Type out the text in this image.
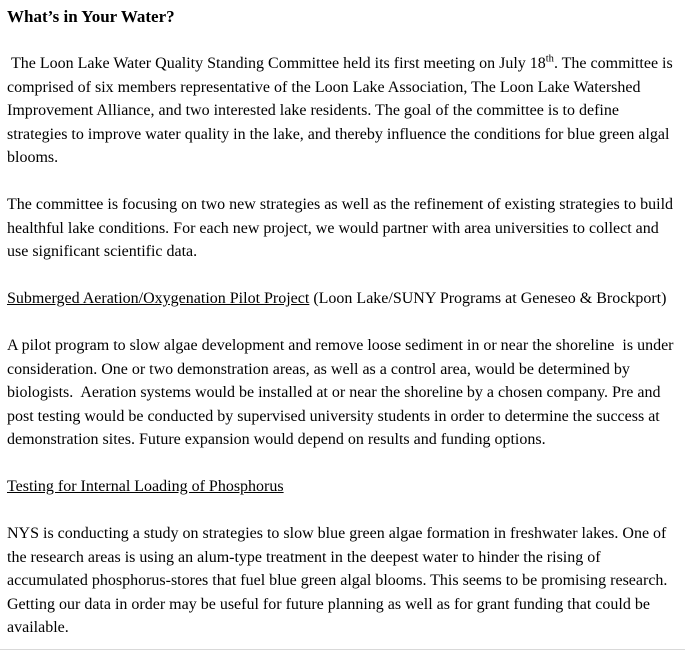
What’s in Your Water?

The Loon Lake Water Quality Standing Committee held its first meeting on July 18th. The committee is comprised of six members representative of the Loon Lake Association, The Loon Lake Watershed Improvement Alliance, and two interested lake residents. The goal of the committee is to define strategies to improve water quality in the lake, and thereby influence the conditions for blue green algal blooms.

The committee is focusing on two new strategies as well as the refinement of existing strategies to build healthful lake conditions. For each new project, we would partner with area universities to collect and use significant scientific data.

Submerged Aeration/Oxygenation Pilot Project (Loon Lake/SUNY Programs at Geneseo & Brockport)

A pilot program to slow algae development and remove loose sediment in or near the shoreline  is under consideration. One or two demonstration areas, as well as a control area, would be determined by biologists.  Aeration systems would be installed at or near the shoreline by a chosen company. Pre and post testing would be conducted by supervised university students in order to determine the success at demonstration sites. Future expansion would depend on results and funding options.

Testing for Internal Loading of Phosphorus

NYS is conducting a study on strategies to slow blue green algae formation in freshwater lakes. One of the research areas is using an alum-type treatment in the deepest water to hinder the rising of accumulated phosphorus-stores that fuel blue green algal blooms. This seems to be promising research. Getting our data in order may be useful for future planning as well as for grant funding that could be available.
